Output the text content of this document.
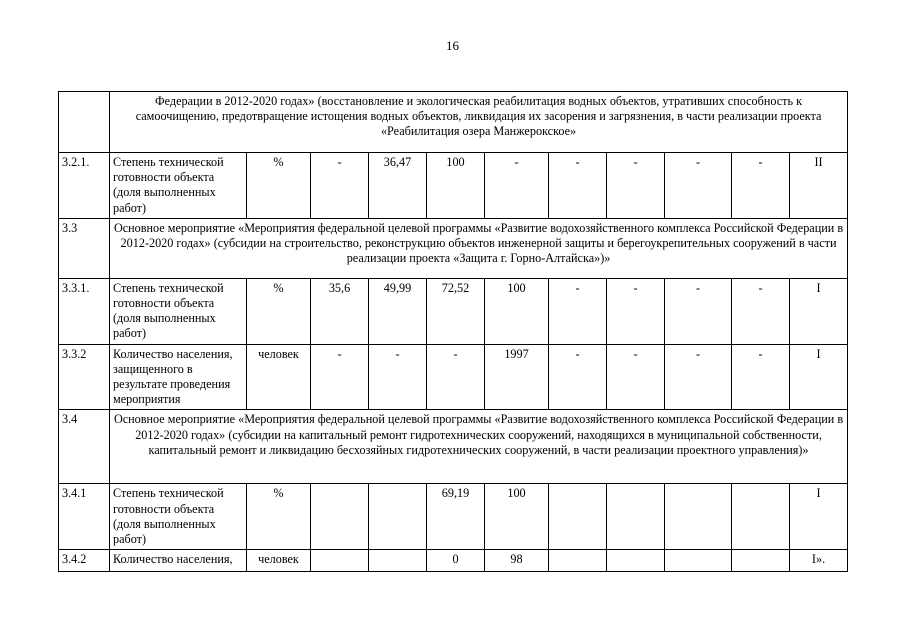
16
	Федерации в 2012-2020 годах» (восстановление и экологическая реабилитация водных объектов, утративших способность к самоочищению, предотвращение истощения водных объектов, ликвидация их засорения и загрязнения, в части реализации проекта «Реабилитация озера Манжерокское»										
3.2.1.	Степень технической готовности объекта (доля выполненных работ)	%	-	36,47	100	-	-	-	-	-	II
3.3	Основное мероприятие «Мероприятия федеральной целевой программы «Развитие водохозяйственного комплекса Российской Федерации в 2012-2020 годах» (субсидии на строительство, реконструкцию объектов инженерной защиты и берегоукрепительных сооружений в части реализации проекта «Защита г. Горно-Алтайска»)»										
3.3.1.	Степень технической готовности объекта (доля выполненных работ)	%	35,6	49,99	72,52	100	-	-	-	-	I
3.3.2	Количество населения, защищенного в результате проведения мероприятия	человек	-	-	-	1997	-	-	-	-	I
3.4	Основное мероприятие «Мероприятия федеральной целевой программы «Развитие водохозяйственного комплекса Российской Федерации в 2012-2020 годах» (субсидии на капитальный ремонт гидротехнических сооружений, находящихся в муниципальной собственности, капитальный ремонт и ликвидацию бесхозяйных гидротехнических сооружений, в части реализации проектного управления)»										
3.4.1	Степень технической готовности объекта (доля выполненных работ)	%			69,19	100					I
3.4.2	Количество населения,	человек			0	98					I».
